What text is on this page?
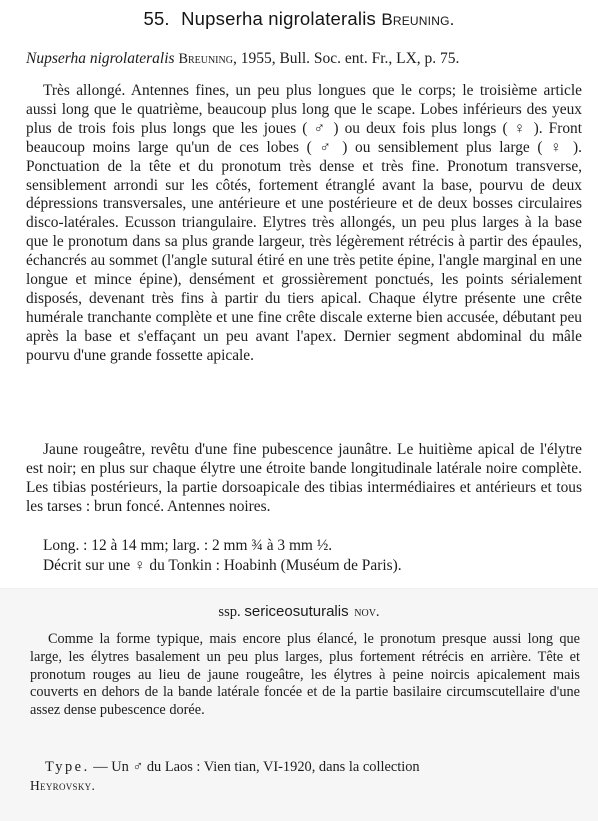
55. Nupserha nigrolateralis Breuning.
Nupserha nigrolateralis Breuning, 1955, Bull. Soc. ent. Fr., LX, p. 75.

Très allongé. Antennes fines, un peu plus longues que le corps; le troisième article aussi long que le quatrième, beaucoup plus long que le scape. Lobes inférieurs des yeux plus de trois fois plus longs que les joues ( ♂ ) ou deux fois plus longs ( ♀ ). Front beaucoup moins large qu'un de ces lobes ( ♂ ) ou sensiblement plus large ( ♀ ). Ponctuation de la tête et du pronotum très dense et très fine. Pronotum transverse, sensiblement arrondi sur les côtés, fortement étranglé avant la base, pourvu de deux dépressions transversales, une antérieure et une postérieure et de deux bosses circulaires disco-latérales. Ecusson triangulaire. Elytres très allongés, un peu plus larges à la base que le pronotum dans sa plus grande largeur, très légèrement rétrécis à partir des épaules, échancrés au sommet (l'angle sutural étiré en une très petite épine, l'angle marginal en une longue et mince épine), densément et grossièrement ponctués, les points sérialement disposés, devenant très fins à partir du tiers apical. Chaque élytre présente une crête humérale tranchante complète et une fine crête discale externe bien accusée, débutant peu après la base et s'effaçant un peu avant l'apex. Dernier segment abdominal du mâle pourvu d'une grande fossette apicale.

Jaune rougeâtre, revêtu d'une fine pubescence jaunâtre. Le huitième apical de l'élytre est noir; en plus sur chaque élytre une étroite bande longitudinale latérale noire complète. Les tibias postérieurs, la partie dorsoapicale des tibias intermédiaires et antérieurs et tous les tarses : brun foncé. Antennes noires.

Long. : 12 à 14 mm; larg. : 2 mm ¾ à 3 mm ½.
Décrit sur une ♀ du Tonkin : Hoabinh (Muséum de Paris).
ssp. sericeosuturalis nov.

Comme la forme typique, mais encore plus élancé, le pronotum presque aussi long que large, les élytres basalement un peu plus larges, plus fortement rétrécis en arrière. Tête et pronotum rouges au lieu de jaune rougeâtre, les élytres à peine noircis apicalement mais couverts en dehors de la bande latérale foncée et de la partie basilaire circumscutellaire d'une assez dense pubescence dorée.

Type. — Un ♂ du Laos : Vien tian, VI-1920, dans la collection
Heyrovsky.
